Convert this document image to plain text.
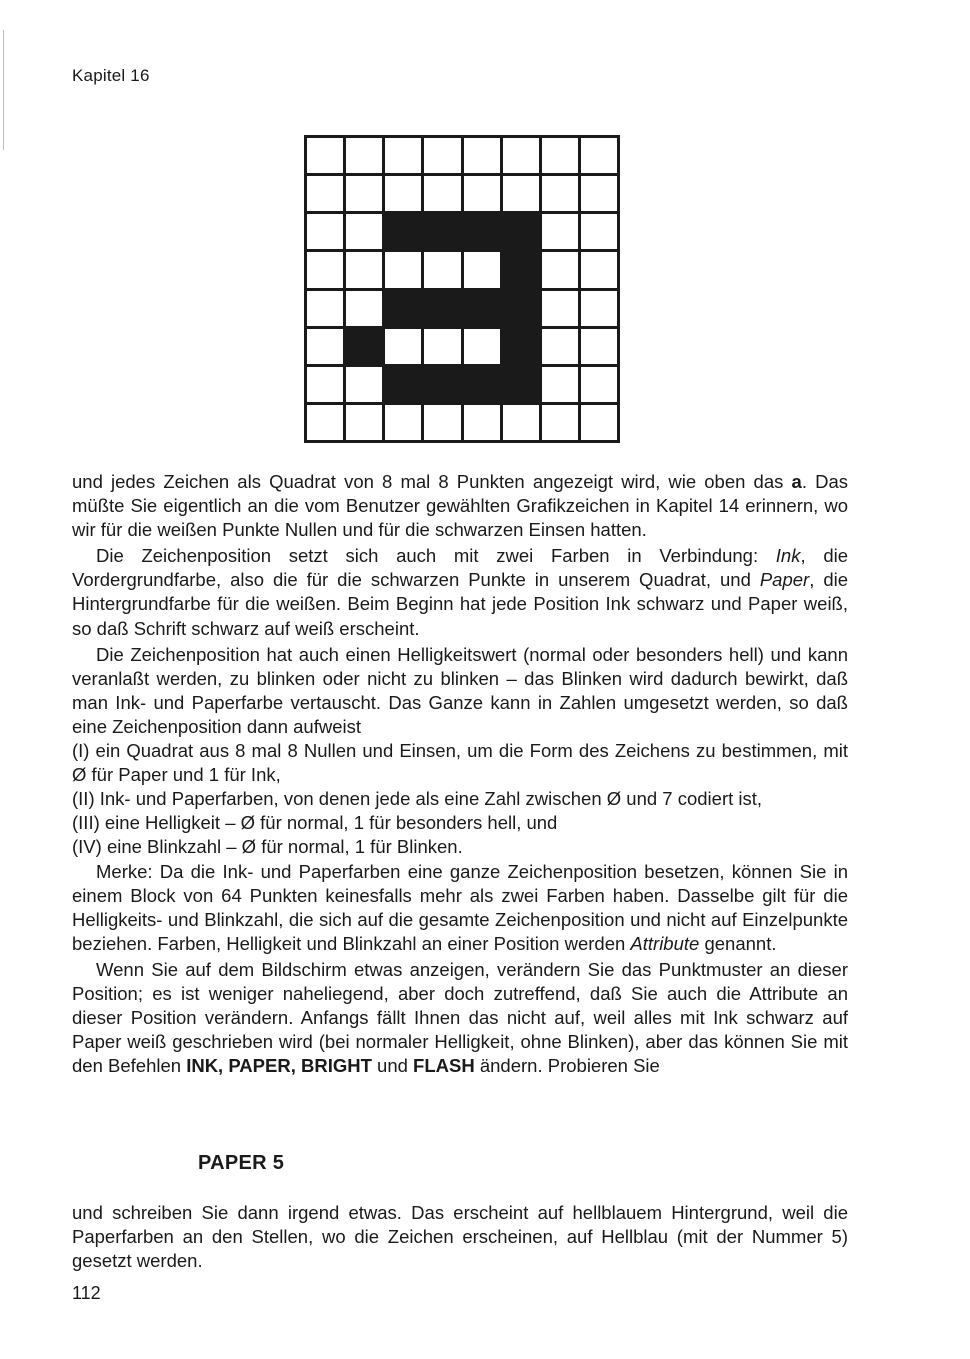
Kapitel 16

und jedes Zeichen als Quadrat von 8 mal 8 Punkten angezeigt wird, wie oben das a. Das müßte Sie eigentlich an die vom Benutzer gewählten Grafikzeichen in Kapitel 14 erinnern, wo wir für die weißen Punkte Nullen und für die schwarzen Einsen hatten.

Die Zeichenposition setzt sich auch mit zwei Farben in Verbindung: Ink, die Vordergrundfarbe, also die für die schwarzen Punkte in unserem Quadrat, und Paper, die Hintergrundfarbe für die weißen. Beim Beginn hat jede Position Ink schwarz und Paper weiß, so daß Schrift schwarz auf weiß erscheint.

Die Zeichenposition hat auch einen Helligkeitswert (normal oder besonders hell) und kann veranlaßt werden, zu blinken oder nicht zu blinken – das Blinken wird dadurch bewirkt, daß man Ink- und Paperfarbe vertauscht. Das Ganze kann in Zahlen umgesetzt werden, so daß eine Zeichenposition dann aufweist

(I) ein Quadrat aus 8 mal 8 Nullen und Einsen, um die Form des Zeichens zu bestimmen, mit Ø für Paper und 1 für Ink,

(II) Ink- und Paperfarben, von denen jede als eine Zahl zwischen Ø und 7 codiert ist,

(III) eine Helligkeit – Ø für normal, 1 für besonders hell, und

(IV) eine Blinkzahl – Ø für normal, 1 für Blinken.

Merke: Da die Ink- und Paperfarben eine ganze Zeichenposition besetzen, können Sie in einem Block von 64 Punkten keinesfalls mehr als zwei Farben haben. Dasselbe gilt für die Helligkeits- und Blinkzahl, die sich auf die gesamte Zeichenposition und nicht auf Einzelpunkte beziehen. Farben, Helligkeit und Blinkzahl an einer Position werden Attribute genannt.

Wenn Sie auf dem Bildschirm etwas anzeigen, verändern Sie das Punktmuster an dieser Position; es ist weniger naheliegend, aber doch zutreffend, daß Sie auch die Attribute an dieser Position verändern. Anfangs fällt Ihnen das nicht auf, weil alles mit Ink schwarz auf Paper weiß geschrieben wird (bei normaler Helligkeit, ohne Blinken), aber das können Sie mit den Befehlen INK, PAPER, BRIGHT und FLASH ändern. Probieren Sie

PAPER 5

und schreiben Sie dann irgend etwas. Das erscheint auf hellblauem Hintergrund, weil die Paperfarben an den Stellen, wo die Zeichen erscheinen, auf Hellblau (mit der Nummer 5) gesetzt werden.

112
